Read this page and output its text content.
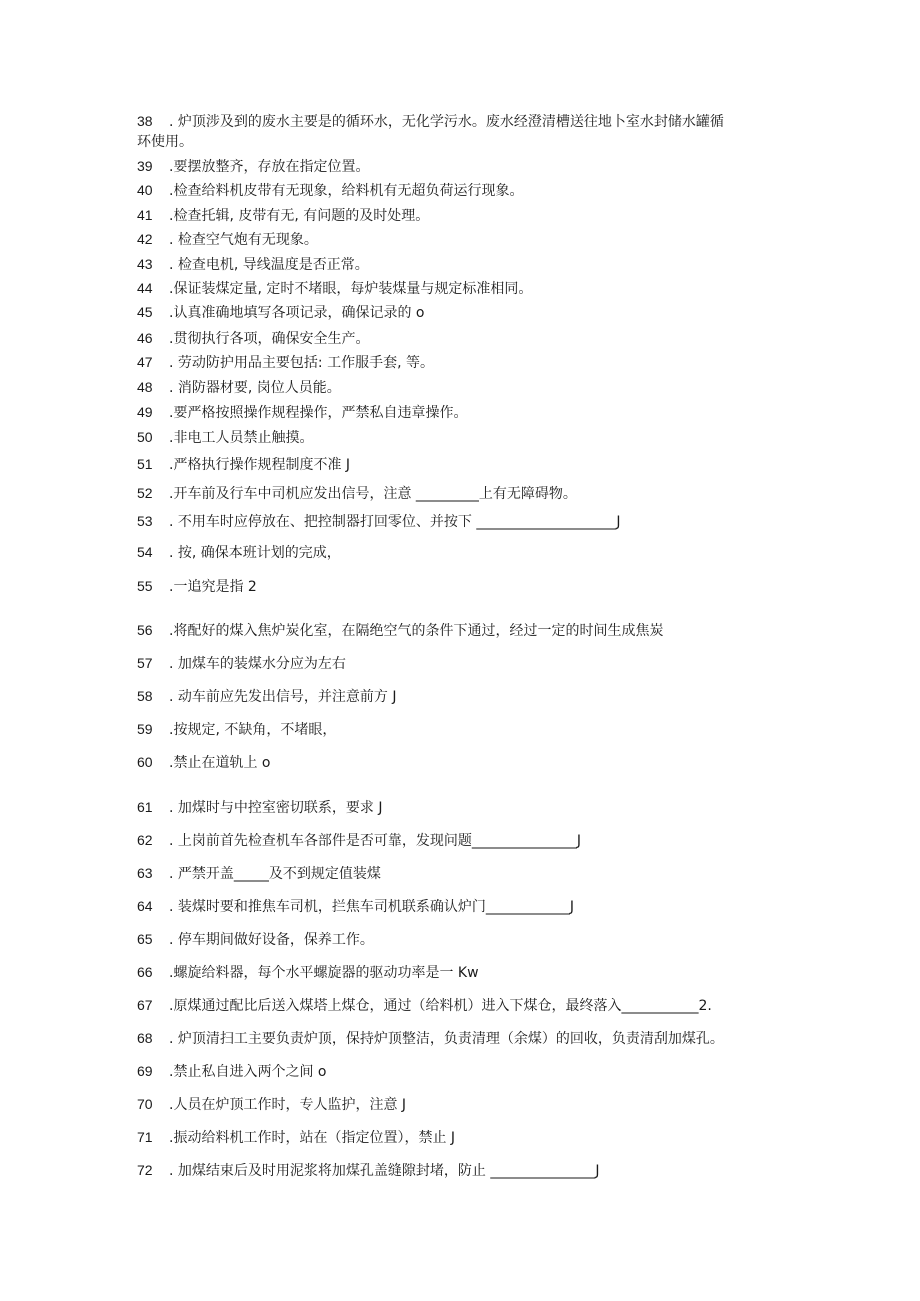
38 . 炉顶涉及到的废水主要是的循环水，无化学污水。废水经澄清槽送往地卜室水封储水罐循
环使用。
39 .要摆放整齐，存放在指定位置。
40 .检查给料机皮带有无现象，给料机有无超负荷运行现象。
41 .检查托辑, 皮带有无, 有问题的及时处理。
42 . 检查空气炮有无现象。
43 . 检查电机, 导线温度是否正常。
44 .保证装煤定量, 定时不堵眼，每炉装煤量与规定标准相同。
45 .认真准确地填写各项记录，确保记录的 o
46 .贯彻执行各项，确保安全生产。
47 . 劳动防护用品主要包括: 工作服手套, 等。
48 . 消防器材要, 岗位人员能。
49 .要严格按照操作规程操作，严禁私自违章操作。
50 .非电工人员禁止触摸。
51 .严格执行操作规程制度不准 J
52 .开车前及行车中司机应发出信号，注意 _________上有无障碍物。
53 . 不用车时应停放在、把控制器打回零位、并按下 ____________________J
54 . 按, 确保本班计划的完成，
55 .一追究是指 2
56 .将配好的煤入焦炉炭化室，在隔绝空气的条件下通过，经过一定的时间生成焦炭
57 . 加煤车的装煤水分应为左右
58 . 动车前应先发出信号，并注意前方 J
59 .按规定, 不缺角，不堵眼，
60 .禁止在道轨上 o
61 . 加煤时与中控室密切联系，要求 J
62 . 上岗前首先检查机车各部件是否可靠，发现问题_______________J
63 . 严禁开盖_____及不到规定值装煤
64 . 装煤时要和推焦车司机，拦焦车司机联系确认炉门____________J
65 . 停车期间做好设备，保养工作。
66 .螺旋给料器，每个水平螺旋器的驱动功率是一 Kw
67 .原煤通过配比后送入煤塔上煤仓，通过（给料机）进入下煤仓，最终落入___________2.
68 . 炉顶清扫工主要负责炉顶，保持炉顶整洁，负责清理（余煤）的回收，负责清刮加煤孔。
69 .禁止私自进入两个之间 o
70 .人员在炉顶工作时，专人监护，注意 J
71 .振动给料机工作时，站在（指定位置），禁止 J
72 . 加煤结束后及时用泥浆将加煤孔盖缝隙封堵，防止 _______________J
